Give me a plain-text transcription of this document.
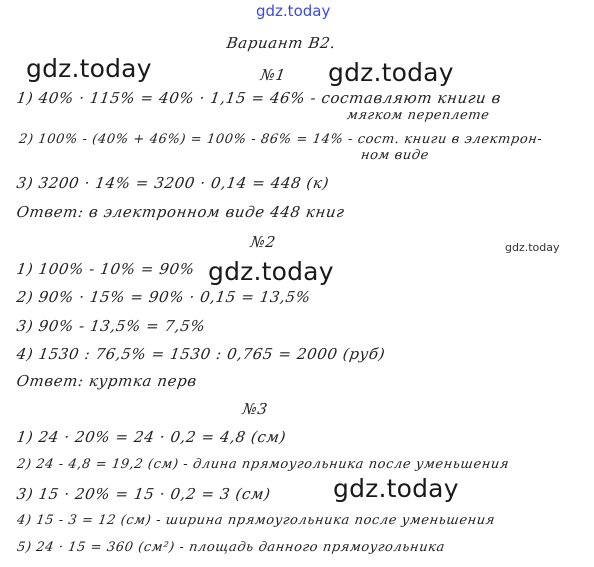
gdz.today
gdz.today	gdz.today
gdz.today
gdz.today
gdz.today
Вариант В2.
№1
1) 40% · 115% = 40% · 1,15 = 46% - составляют книги в
мягком переплете
2) 100% - (40% + 46%) = 100% - 86% = 14% - сост. книги в электрон-
ном виде
3) 3200 · 14% = 3200 · 0,14 = 448 (к)
Ответ: в электронном виде 448 книг
№2
1) 100% - 10% = 90%
2) 90% · 15% = 90% · 0,15 = 13,5%
3) 90% - 13,5% = 7,5%
4) 1530 : 76,5% = 1530 : 0,765 = 2000 (руб)
Ответ: куртка перв
№3
1) 24 · 20% = 24 · 0,2 = 4,8 (см)
2) 24 - 4,8 = 19,2 (см) - длина прямоугольника после уменьшения
3) 15 · 20% = 15 · 0,2 = 3 (см)
4) 15 - 3 = 12 (см) - ширина прямоугольника после уменьшения
5) 24 · 15 = 360 (см²) - площадь данного прямоугольника
